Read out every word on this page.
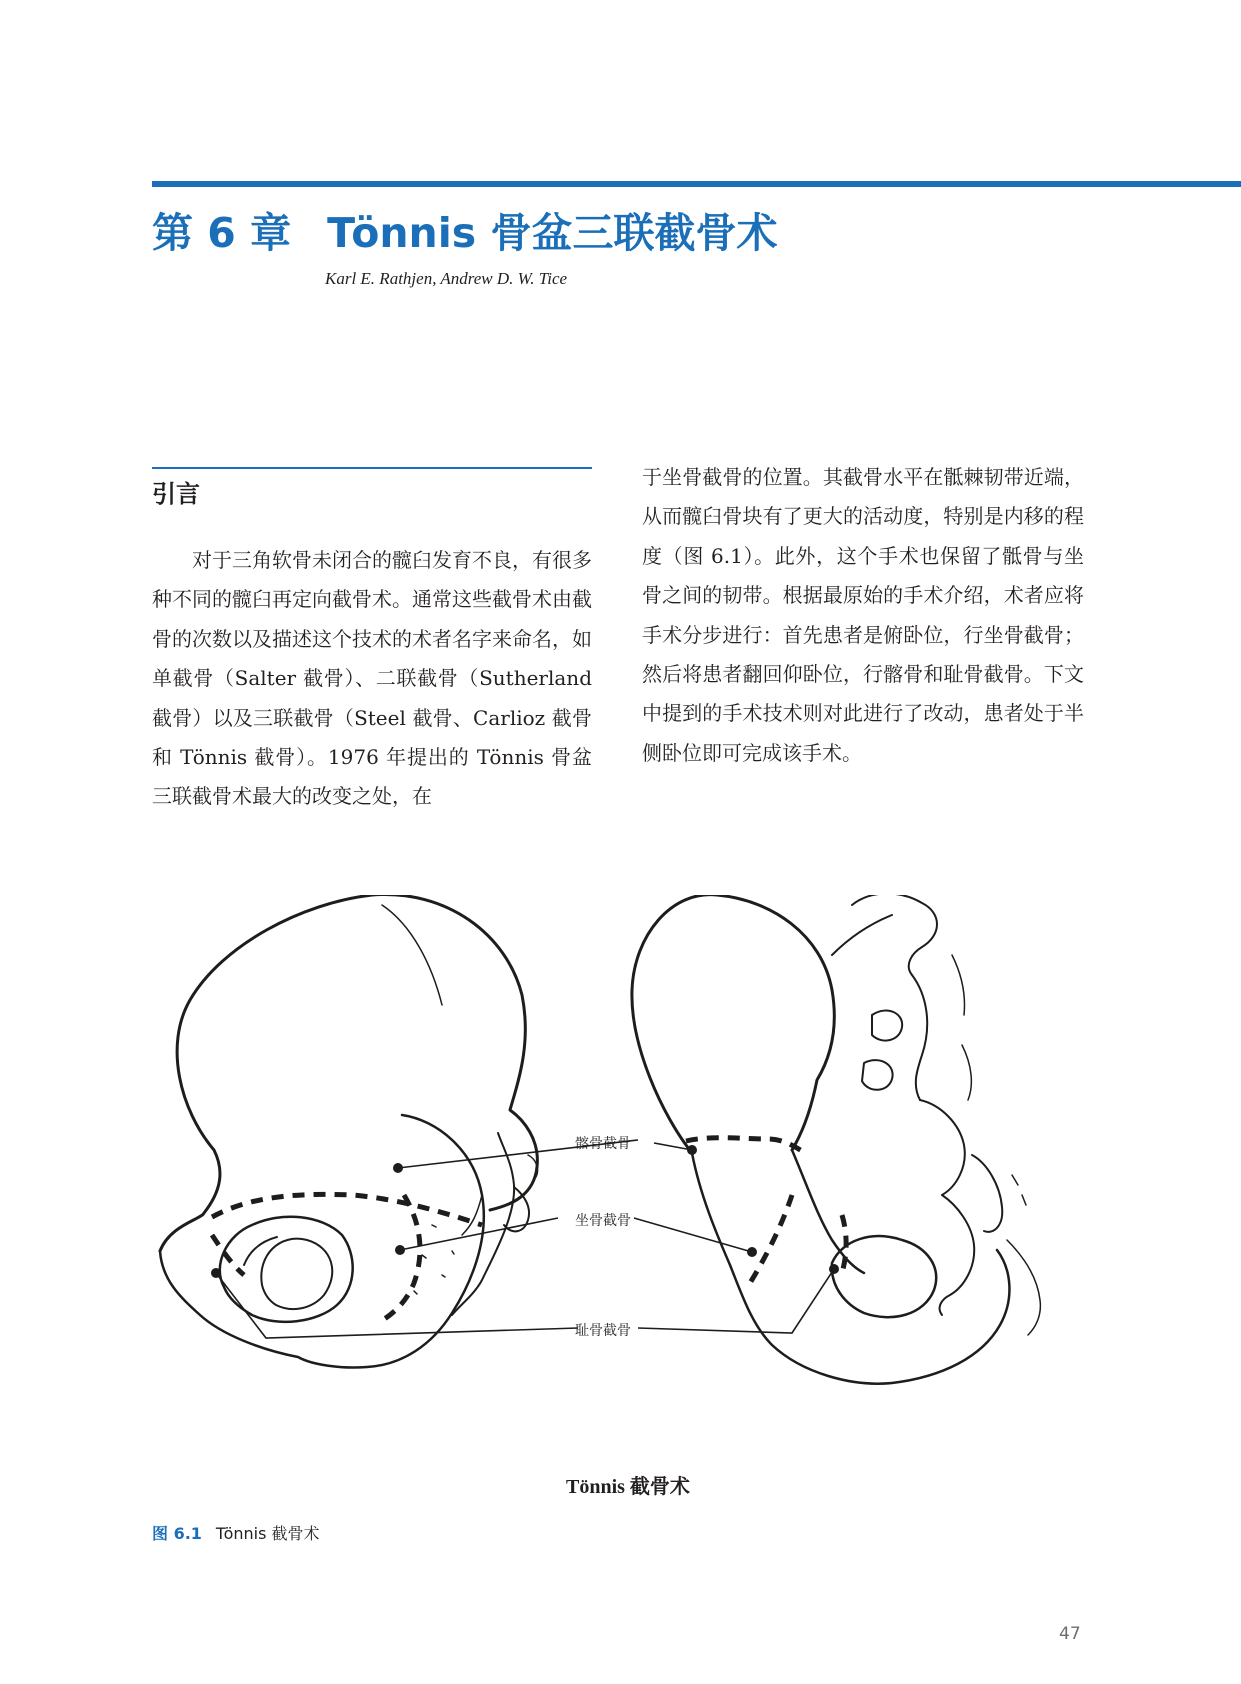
第 6 章 Tönnis 骨盆三联截骨术
Karl E. Rathjen, Andrew D. W. Tice
引言

对于三角软骨未闭合的髋臼发育不良，有很多种不同的髋臼再定向截骨术。通常这些截骨术由截骨的次数以及描述这个技术的术者名字来命名，如单截骨（Salter 截骨）、二联截骨（Sutherland 截骨）以及三联截骨（Steel 截骨、Carlioz 截骨和 Tönnis 截骨）。1976 年提出的 Tönnis 骨盆三联截骨术最大的改变之处，在

于坐骨截骨的位置。其截骨水平在骶棘韧带近端，从而髋臼骨块有了更大的活动度，特别是内移的程度（图 6.1）。此外，这个手术也保留了骶骨与坐骨之间的韧带。根据最原始的手术介绍，术者应将手术分步进行：首先患者是俯卧位，行坐骨截骨；然后将患者翻回仰卧位，行髂骨和耻骨截骨。下文中提到的手术技术则对此进行了改动，患者处于半侧卧位即可完成该手术。

髂骨截骨
坐骨截骨
耻骨截骨
Tönnis 截骨术
图 6.1 Tönnis 截骨术
47
